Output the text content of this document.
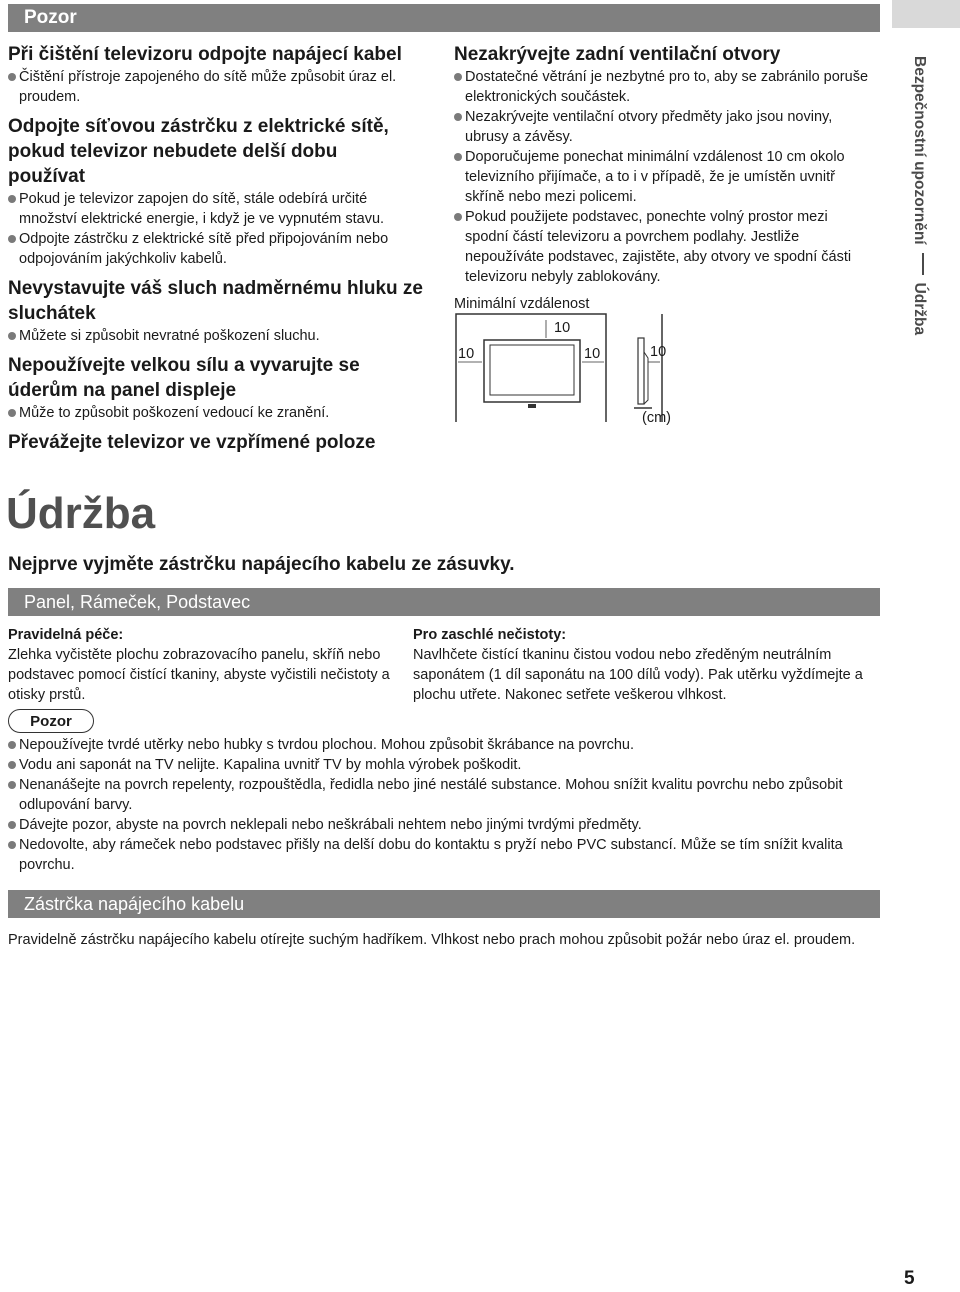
Pozor
Bezpečnostní upozorněníÚdržba

Při čištění televizoru odpojte napájecí kabel

Čištění přístroje zapojeného do sítě může způsobit úraz el. proudem.

Odpojte síťovou zástrčku z elektrické sítě, pokud televizor nebudete delší dobu používat

Pokud je televizor zapojen do sítě, stále odebírá určité množství elektrické energie, i když je ve vypnutém stavu.

Odpojte zástrčku z elektrické sítě před připojováním nebo odpojováním jakýchkoliv kabelů.

Nevystavujte váš sluch nadměrnému hluku ze sluchátek

Můžete si způsobit nevratné poškození sluchu.

Nepoužívejte velkou sílu a vyvarujte se úderům na panel displeje

Může to způsobit poškození vedoucí ke zranění.

Převážejte televizor ve vzpřímené poloze

Nezakrývejte zadní ventilační otvory

Dostatečné větrání je nezbytné pro to, aby se zabránilo poruše elektronických součástek.

Nezakrývejte ventilační otvory předměty jako jsou noviny, ubrusy a závěsy.

Doporučujeme ponechat minimální vzdálenost 10 cm okolo televizního přijímače, a to i v případě, že je umístěn uvnitř skříně nebo mezi policemi.

Pokud použijete podstavec, ponechte volný prostor mezi spodní částí televizoru a povrchem podlahy. Jestliže nepoužíváte podstavec, zajistěte, aby otvory ve spodní části televizoru nebyly zablokovány.

Minimální vzdálenost
10
10	10	10
(cm)
Údržba

Nejprve vyjměte zástrčku napájecího kabelu ze zásuvky.

Panel, Rámeček, Podstavec

Pravidelná péče:

Zlehka vyčistěte plochu zobrazovacího panelu, skříň nebo podstavec pomocí čistící tkaniny, abyste vyčistili nečistoty a otisky prstů.

Pro zaschlé nečistoty:

Navlhčete čistící tkaninu čistou vodou nebo zředěným neutrálním saponátem (1 díl saponátu na 100 dílů vody). Pak utěrku vyždímejte a plochu utřete. Nakonec setřete veškerou vlhkost.

Pozor

Nepoužívejte tvrdé utěrky nebo hubky s tvrdou plochou. Mohou způsobit škrábance na povrchu.

Vodu ani saponát na TV nelijte. Kapalina uvnitř TV by mohla výrobek poškodit.

Nenanášejte na povrch repelenty, rozpouštědla, ředidla nebo jiné nestálé substance. Mohou snížit kvalitu povrchu nebo způsobit odlupování barvy.

Dávejte pozor, abyste na povrch neklepali nebo neškrábali nehtem nebo jinými tvrdými předměty.

Nedovolte, aby rámeček nebo podstavec přišly na delší dobu do kontaktu s pryží nebo PVC substancí. Může se tím snížit kvalita povrchu.

Zástrčka napájecího kabelu

Pravidelně zástrčku napájecího kabelu otírejte suchým hadříkem. Vlhkost nebo prach mohou způsobit požár nebo úraz el. proudem.

5
